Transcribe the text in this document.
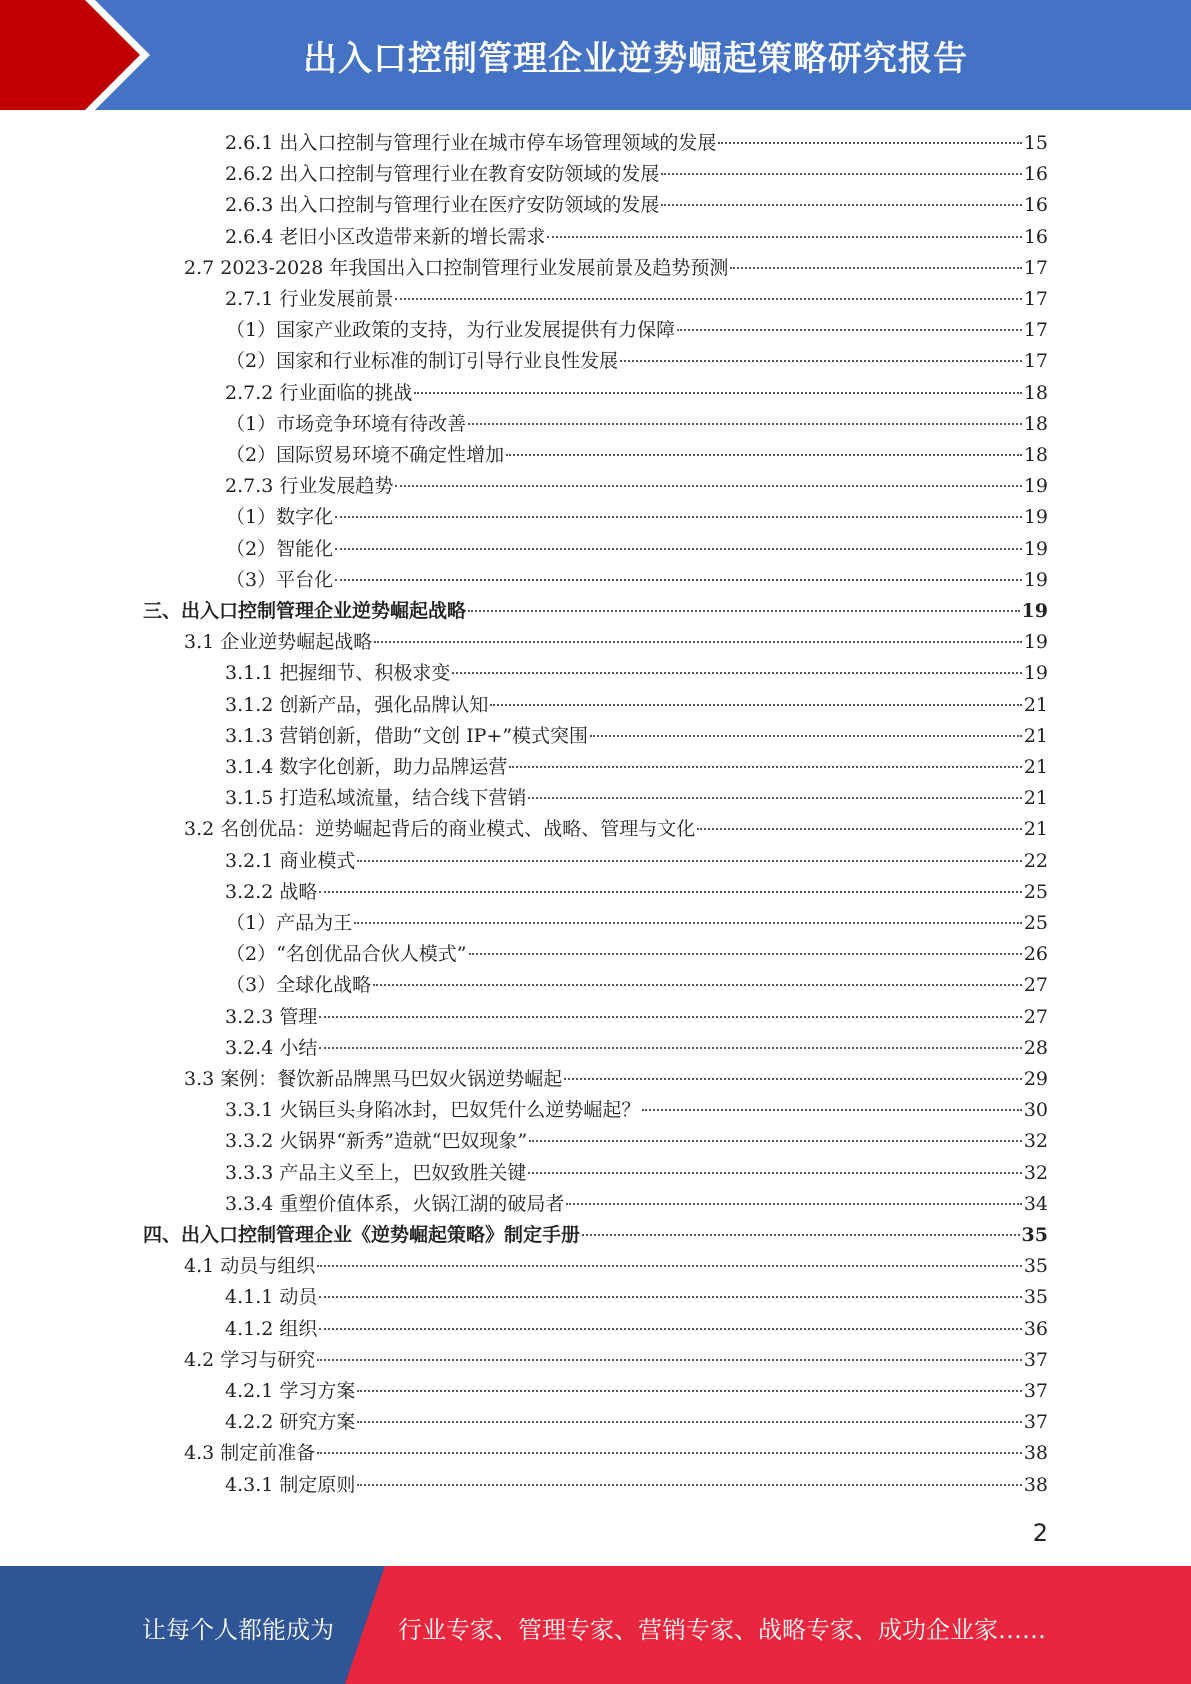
出入口控制管理企业逆势崛起策略研究报告
2.6.1 出入口控制与管理行业在城市停车场管理领域的发展	15
2.6.2 出入口控制与管理行业在教育安防领域的发展	16
2.6.3 出入口控制与管理行业在医疗安防领域的发展	16
2.6.4 老旧小区改造带来新的增长需求	16
2.7 2023-2028 年我国出入口控制管理行业发展前景及趋势预测	17
2.7.1 行业发展前景	17
（1）国家产业政策的支持，为行业发展提供有力保障	17
（2）国家和行业标准的制订引导行业良性发展	17
2.7.2 行业面临的挑战	18
（1）市场竞争环境有待改善	18
（2）国际贸易环境不确定性增加	18
2.7.3 行业发展趋势	19
（1）数字化	19
（2）智能化	19
（3）平台化	19
三、出入口控制管理企业逆势崛起战略	19
3.1 企业逆势崛起战略	19
3.1.1 把握细节、积极求变	19
3.1.2 创新产品，强化品牌认知	21
3.1.3 营销创新，借助“文创 IP+”模式突围	21
3.1.4 数字化创新，助力品牌运营	21
3.1.5 打造私域流量，结合线下营销	21
3.2 名创优品：逆势崛起背后的商业模式、战略、管理与文化	21
3.2.1 商业模式	22
3.2.2 战略	25
（1）产品为王	25
（2）“名创优品合伙人模式”	26
（3）全球化战略	27
3.2.3 管理	27
3.2.4 小结	28
3.3 案例：餐饮新品牌黑马巴奴火锅逆势崛起	29
3.3.1 火锅巨头身陷冰封，巴奴凭什么逆势崛起？	30
3.3.2 火锅界“新秀”造就“巴奴现象”	32
3.3.3 产品主义至上，巴奴致胜关键	32
3.3.4 重塑价值体系，火锅江湖的破局者	34
四、出入口控制管理企业《逆势崛起策略》制定手册	35
4.1 动员与组织	35
4.1.1 动员	35
4.1.2 组织	36
4.2 学习与研究	37
4.2.1 学习方案	37
4.2.2 研究方案	37
4.3 制定前准备	38
4.3.1 制定原则	38
2
让每个人都能成为	行业专家、管理专家、营销专家、战略专家、成功企业家……
